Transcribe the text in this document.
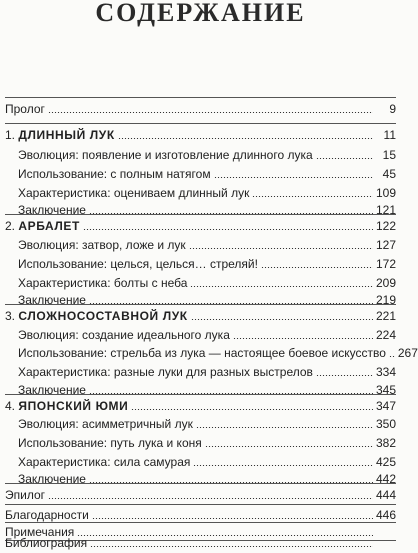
СОДЕРЖАНИЕ
Пролог	9
1.
ДЛИННЫЙ ЛУК	11
Эволюция: появление и изготовление длинного лука	15
Использование: с полным натягом	45
Характеристика: оцениваем длинный лук	109
Заключение	121
2.
АРБАЛЕТ	122
Эволюция: затвор, ложе и лук	127
Использование: целься, целься… стреляй!	172
Характеристика: болты с неба	209
Заключение	219
3.
СЛОЖНОСОСТАВНОЙ ЛУК	221
Эволюция: создание идеального лука	224
Использование: стрельба из лука — настоящее боевое искусство 267
Характеристика: разные луки для разных выстрелов	334
Заключение	345
4.
ЯПОНСКИЙ ЮМИ	347
Эволюция: асимметричный лук	350
Использование: путь лука и коня	382
Характеристика: сила самурая	425
Заключение	442
Эпилог	444
Благодарности	446
Примечания
Библиография
